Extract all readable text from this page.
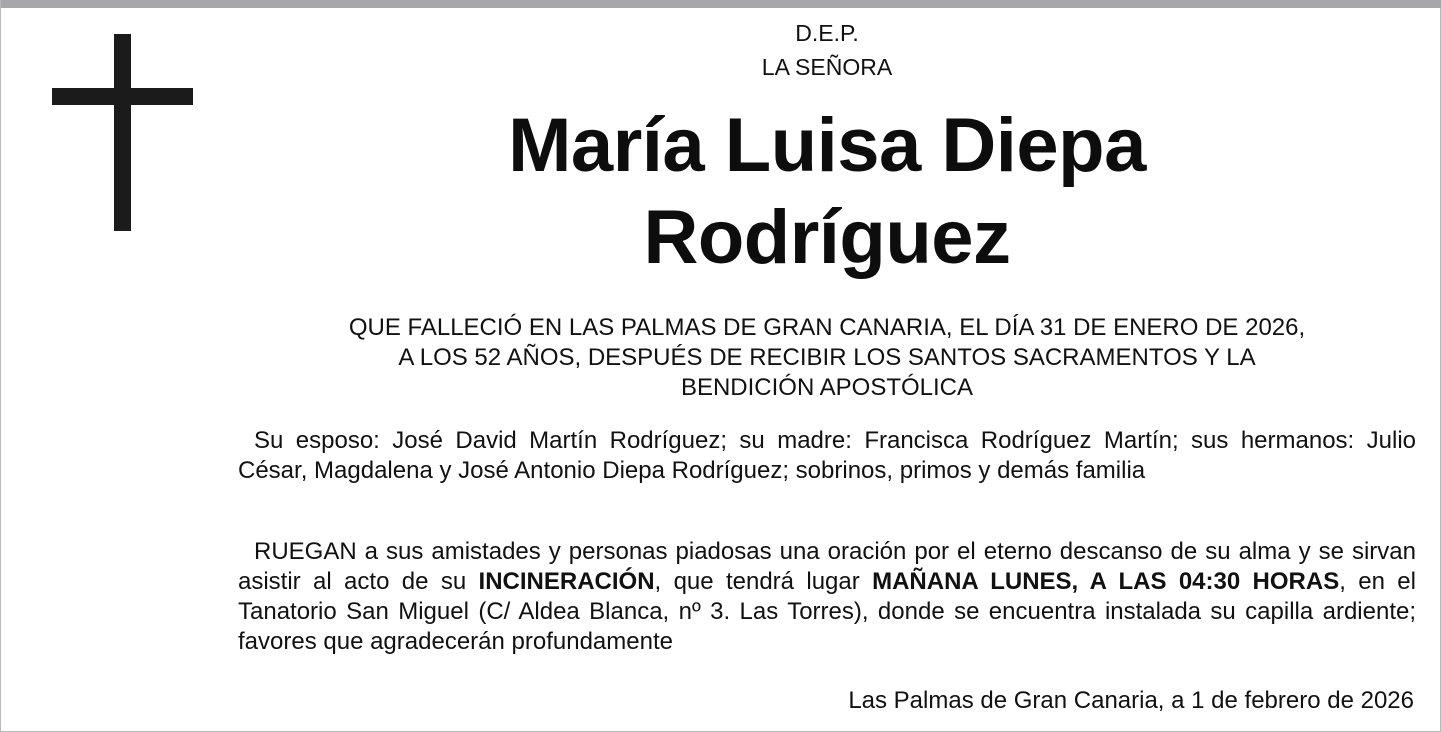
D.E.P.
LA SEÑORA
María Luisa Diepa
Rodríguez
QUE FALLECIÓ EN LAS PALMAS DE GRAN CANARIA, EL DÍA 31 DE ENERO DE 2026,
A LOS 52 AÑOS, DESPUÉS DE RECIBIR LOS SANTOS SACRAMENTOS Y LA
BENDICIÓN APOSTÓLICA
Su esposo: José David Martín Rodríguez; su madre: Francisca Rodríguez Martín; sus hermanos: Julio César, Magdalena y José Antonio Diepa Rodríguez; sobrinos, primos y demás familia
RUEGAN a sus amistades y personas piadosas una oración por el eterno descanso de su alma y se sirvan asistir al acto de su INCINERACIÓN, que tendrá lugar MAÑANA LUNES, A LAS 04:30 HORAS, en el Tanatorio San Miguel (C/ Aldea Blanca, nº 3. Las Torres), donde se encuentra instalada su capilla ardiente; favores que agradecerán profundamente
Las Palmas de Gran Canaria, a 1 de febrero de 2026
